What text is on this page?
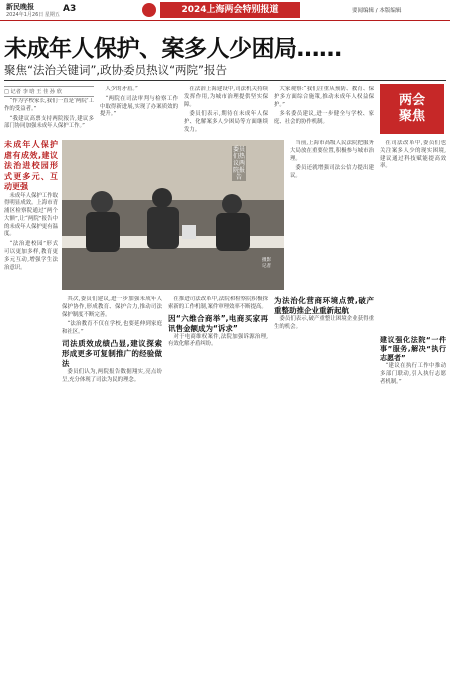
新民晚报
2024年1月26日 星期五
A3	2024上海两会特别报道	要闻编辑 / 本版编辑
未成年人保护、案多人少困局……
聚焦“法治关键词”,政协委员热议“两院”报告
两会
聚焦
□ 记者 李 晗 王 佳 孙 欣

“作为学校家长,我们一直是‘两院’工作的受益者。”

“我建议高票支持两院报告,建议多部门协同加强未成年人保护工作。”

人少的矛盾。”

“两院在司法审判与检察工作中取得新进展,实现了办案质效的提升。”

在法治上海建设中,司法机关持续发挥作用,为城市治理提供坚实保障。

委员们表示,期待在未成年人保护、化解案多人少困局等方面继续发力。

大家观察:“我们注重从预防、教育、保护多方面综合施策,推动未成年人权益保护。”

多名委员建议,进一步健全与学校、家庭、社会的协作机制。

委员们热议两院报告
摄影记者

当前,上海市高级人民法院把服务大局放在重要位置,积极参与城市治理。

委员还就增强司法公信力提出建议。

在司法改革中,委员们也关注案多人少的现实困境,建议通过科技赋能提高效率。

未成年人保护虐有成效,建议法治进校园形式更多元、互动更强

未成年人保护工作取得明显成效。上海市青浦区检察院通过“两个大额”,让“两院”报告中的未成年人保护更有温度。

“法治进校园”形式可以更加多样,教育更多元互动,增强学生法治意识。

其次,委员们建议,进一步加强未成年人保护协作,形成教育、保护合力,推动司法保护制度不断完善。

“法治教育不仅在学校,也要延伸到家庭和社区。”

司法质效成绩凸显,建议探索形成更多可复制推广的经验做法

委员们认为,两院报告数据翔实,亮点纷呈,充分体现了司法为民的理念。

在推进司法改革中,法院和检察院积极探索新的工作机制,案件审理效率不断提高。

因“六维合商举”,电商买家再讯售金额成为“诉求”

对于电商维权案件,法院加强诉源治理,有效化解矛盾纠纷。

为法治化营商环境点赞,破产重整助推企业重新起航

委员们表示,破产重整让困境企业获得重生的机会。

建议强化法院“一件事”服务,解决“执行志愿者”

“建议在执行工作中推动多部门联动,引入执行志愿者机制。”
